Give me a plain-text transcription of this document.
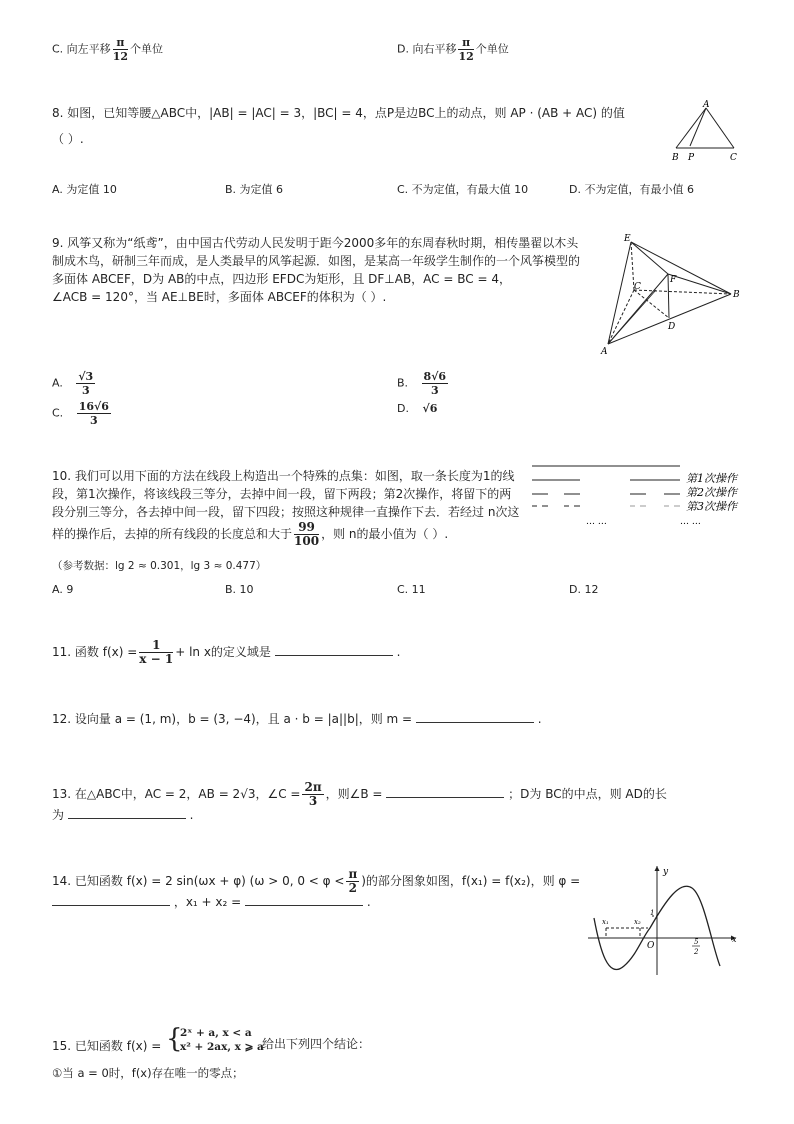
C. 向左平移 $\frac{\pi}{12}$ 个单位	D. 向右平移 $\frac{\pi}{12}$ 个单位
8. 如图，已知等腰△ABC中，|AB| = |AC| = 3，|BC| = 4，点P是边BC上的动点，则 AP · (AB + AC) 的值
（ ）.
A
B P	C
A. 为定值 10	B. 为定值 6	C. 不为定值，有最大值 10	D. 不为定值，有最小值 6
9. 风筝又称为“纸鸢”，由中国古代劳动人民发明于距今2000多年的东周春秋时期，相传墨翟以木头
制成木鸟，研制三年而成，是人类最早的风筝起源．如图，是某高一年级学生制作的一个风筝模型的
多面体 ABCEF，D为 AB的中点，四边形 EFDC为矩形，且 DF⊥AB，AC = BC = 4，
∠ACB = 120°，当 AE⊥BE时，多面体 ABCEF的体积为（ ）.
E
C
F
B
D
A
A. $\frac{√3}{3}$	B. $\frac{8√6}{3}$
C. $\frac{16√6}{3}$	D. √6
10. 我们可以用下面的方法在线段上构造出一个特殊的点集：如图，取一条长度为1的线
段，第1次操作，将该线段三等分，去掉中间一段，留下两段；第2次操作，将留下的两
段分别三等分，各去掉中间一段，留下四段；按照这种规律一直操作下去．若经过 n次这
样的操作后，去掉的所有线段的长度总和大于 $\frac{99}{100}$ ，则 n的最小值为（ ）.
第1次操作
第2次操作
第3次操作
… …	… …
（参考数据：lg 2 ≈ 0.301，lg 3 ≈ 0.477）
A. 9	B. 10	C. 11	D. 12
11. 函数 $f(x) = \frac{1}{x - 1} + \ln x$的定义域是	.
12. 设向量 a = (1, m)，b = (3, −4)，且 a · b = |a||b|，则 m =	.
13. 在△ABC中，AC = 2，AB = 2√3，∠C = $\frac{2\pi}{3}$ ，则∠B =	；D为 BC的中点，则 AD的长
为	.
14. 已知函数 f(x) = 2 sin(ωx + φ) (ω > 0, $0 < \varphi < \frac{\pi}{2}$ )的部分图象如图，f(x₁) = f(x₂)，则 φ =
，x₁ + x₂ =	.
y
x
O
1
x₁	x₂
5
2
15. 已知函数 f(x) = {
2ˣ + a, x < a
x² + 2ax, x ⩾ a
给出下列四个结论：
①当 a = 0时，f(x)存在唯一的零点；
